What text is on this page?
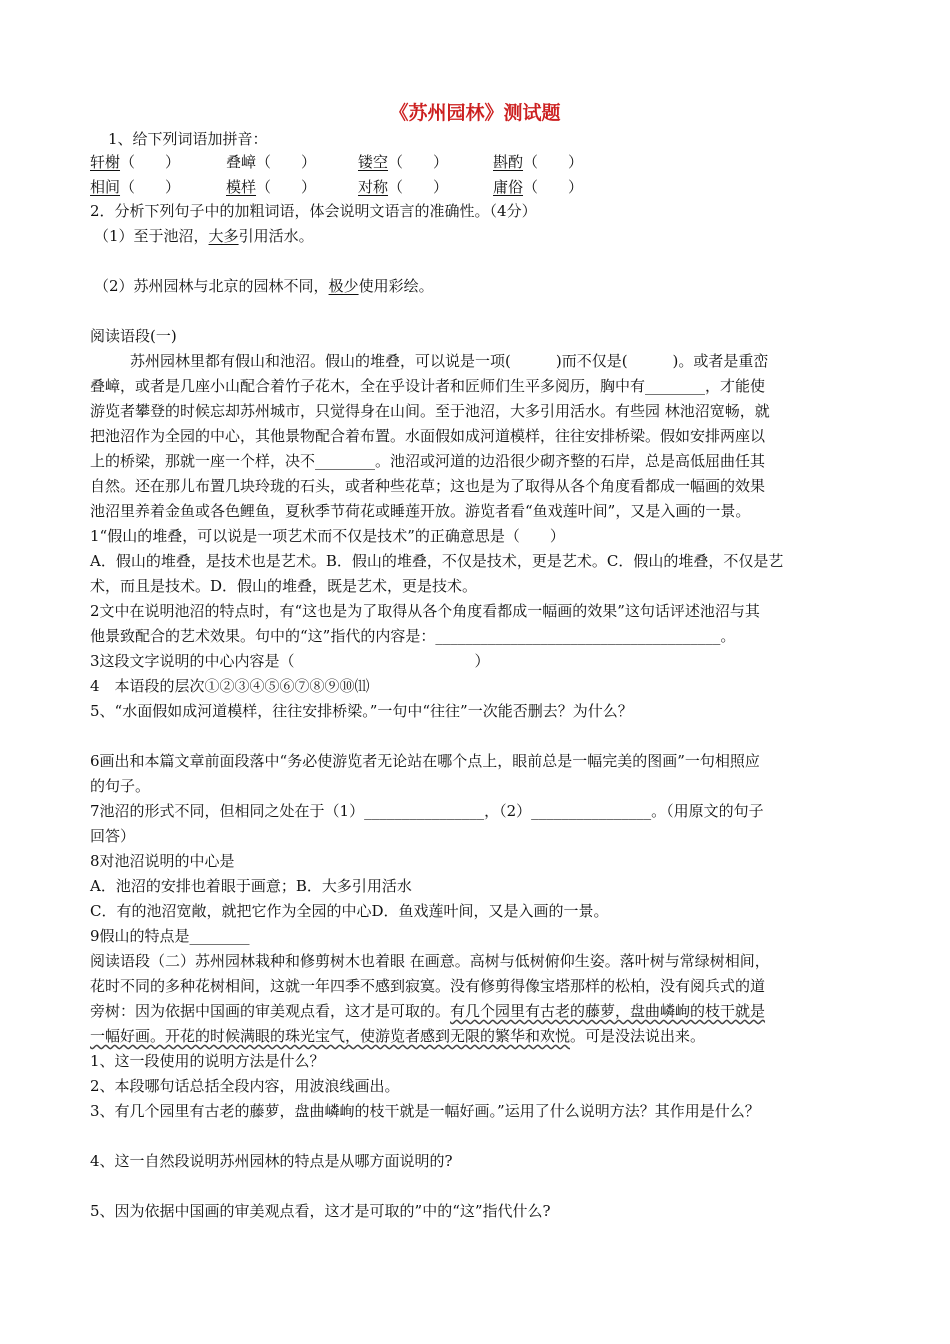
《苏州园林》测试题
1、给下列词语加拼音：
轩榭（　　）	叠嶂（　　）	镂空（　　）	斟酌（　　）
相间（　　）	模样（　　）	对称（　　）	庸俗（　　）
2．分析下列句子中的加粗词语，体会说明文语言的准确性。（4分）
（1）至于池沼，大多引用活水。
（2）苏州园林与北京的园林不同，极少使用彩绘。
阅读语段(一)
苏州园林里都有假山和池沼。假山的堆叠，可以说是一项(　　　)而不仅是(　　　)。或者是重峦
叠嶂，或者是几座小山配合着竹子花木，全在乎设计者和匠师们生平多阅历，胸中有________，才能使
游览者攀登的时候忘却苏州城市，只觉得身在山间。至于池沼，大多引用活水。有些园 林池沼宽畅，就
把池沼作为全园的中心，其他景物配合着布置。水面假如成河道模样，往往安排桥梁。假如安排两座以
上的桥梁，那就一座一个样，决不________。池沼或河道的边沿很少砌齐整的石岸，总是高低屈曲任其
自然。还在那儿布置几块玲珑的石头，或者种些花草；这也是为了取得从各个角度看都成一幅画的效果
池沼里养着金鱼或各色鲤鱼，夏秋季节荷花或睡莲开放。游览者看“鱼戏莲叶间”，又是入画的一景。
1“假山的堆叠，可以说是一项艺术而不仅是技术”的正确意思是（　　）
A．假山的堆叠，是技术也是艺术。B．假山的堆叠，不仅是技术，更是艺术。C．假山的堆叠，不仅是艺
术，而且是技术。D．假山的堆叠，既是艺术，更是技术。
2文中在说明池沼的特点时，有“这也是为了取得从各个角度看都成一幅画的效果”这句话评述池沼与其
他景致配合的艺术效果。句中的“这”指代的内容是：______________________________________。
3这段文字说明的中心内容是（　　　　　　　　　　　　）
4　本语段的层次①②③④⑤⑥⑦⑧⑨⑩⑾
5、“水面假如成河道模样，往往安排桥梁。”一句中“往往”一次能否删去？为什么？
6画出和本篇文章前面段落中“务必使游览者无论站在哪个点上，眼前总是一幅完美的图画”一句相照应
的句子。
7池沼的形式不同，但相同之处在于（1）________________，（2）________________。（用原文的句子
回答）
8对池沼说明的中心是
A．池沼的安排也着眼于画意；B．大多引用活水
C．有的池沼宽敞，就把它作为全园的中心D．鱼戏莲叶间，又是入画的一景。
9假山的特点是________
阅读语段（二）苏州园林栽种和修剪树木也着眼 在画意。高树与低树俯仰生姿。落叶树与常绿树相间，
花时不同的多种花树相间，这就一年四季不感到寂寞。没有修剪得像宝塔那样的松柏，没有阅兵式的道
旁树：因为依据中国画的审美观点看，这才是可取的。有几个园里有古老的藤萝，盘曲嶙峋的枝干就是
一幅好画。开花的时候满眼的珠光宝气，使游览者感到无限的繁华和欢悦。可是没法说出来。
1、这一段使用的说明方法是什么？
2、本段哪句话总括全段内容，用波浪线画出。
3、有几个园里有古老的藤萝，盘曲嶙峋的枝干就是一幅好画。”运用了什么说明方法？其作用是什么？
4、这一自然段说明苏州园林的特点是从哪方面说明的?
5、因为依据中国画的审美观点看，这才是可取的”中的“这”指代什么?
